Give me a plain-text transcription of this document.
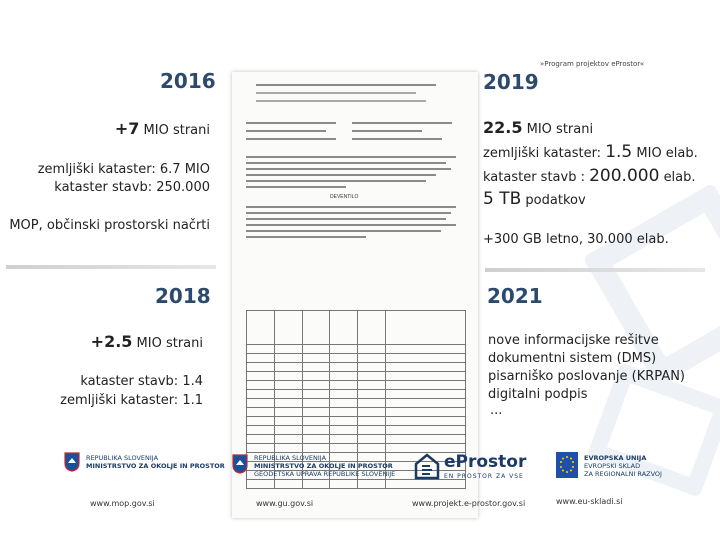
»Program projektov eProstor«
2016
+7 MIO strani
zemljiški kataster: 6.7 MIO
kataster stavb: 250.000
MOP, občinski prostorski načrti
2018
+2.5 MIO strani
kataster stavb: 1.4
zemljiški kataster: 1.1
DEVENTILO

2019
22.5 MIO strani
zemljiški kataster: 1.5 MIO elab.
kataster stavb : 200.000 elab.
5 TB podatkov
+300 GB letno, 30.000 elab.
2021
nove informacijske rešitve
dokumentni sistem (DMS)
pisarniško poslovanje (KRPAN)
digitalni podpis
...
REPUBLIKA SLOVENIJA
MINISTRSTVO ZA OKOLJE IN PROSTOR
www.mop.gov.si
REPUBLIKA SLOVENIJA
MINISTRSTVO ZA OKOLJE IN PROSTOR
GEODETSKA UPRAVA REPUBLIKE SLOVENIJE
www.gu.gov.si
eProstor
EN PROSTOR ZA VSE
www.projekt.e-prostor.gov.si
EVROPSKA UNIJA
EVROPSKI SKLAD
ZA REGIONALNI RAZVOJ
www.eu-skladi.si
